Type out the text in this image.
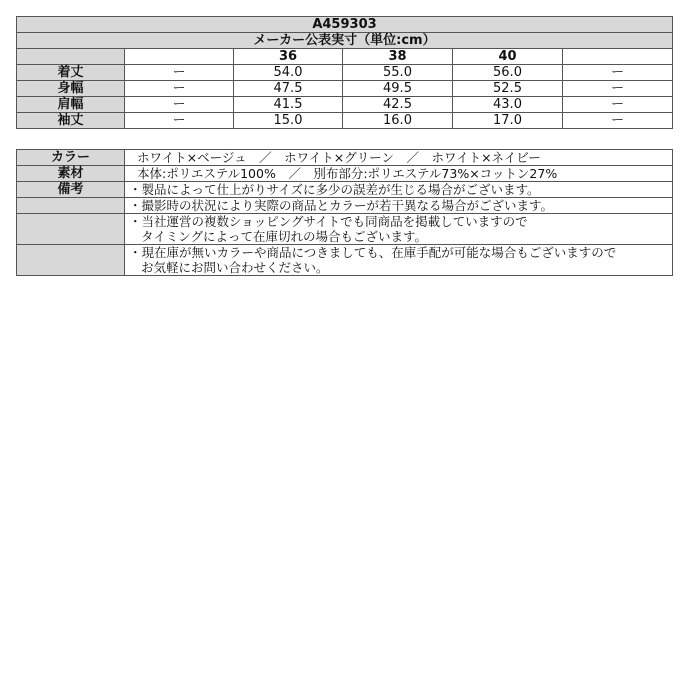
A459303					
メーカー公表実寸（単位:cm）					
		36	38	40	
着丈	ー	54.0	55.0	56.0	ー
身幅	ー	47.5	49.5	52.5	ー
肩幅	ー	41.5	42.5	43.0	ー
袖丈	ー	15.0	16.0	17.0	ー
カラー	ホワイト×ベージュ　／　ホワイト×グリーン　／　ホワイト×ネイビー
素材	本体:ポリエステル100%　／　別布部分:ポリエステル73%×コットン27%
備考	・製品によって仕上がりサイズに多少の誤差が生じる場合がございます。

	・撮影時の状況により実際の商品とカラーが若干異なる場合がございます。

	・当社運営の複数ショッピングサイトでも同商品を掲載していますので
タイミングによって在庫切れの場合もございます。

	・現在庫が無いカラーや商品につきましても、在庫手配が可能な場合もございますので
お気軽にお問い合わせください。
